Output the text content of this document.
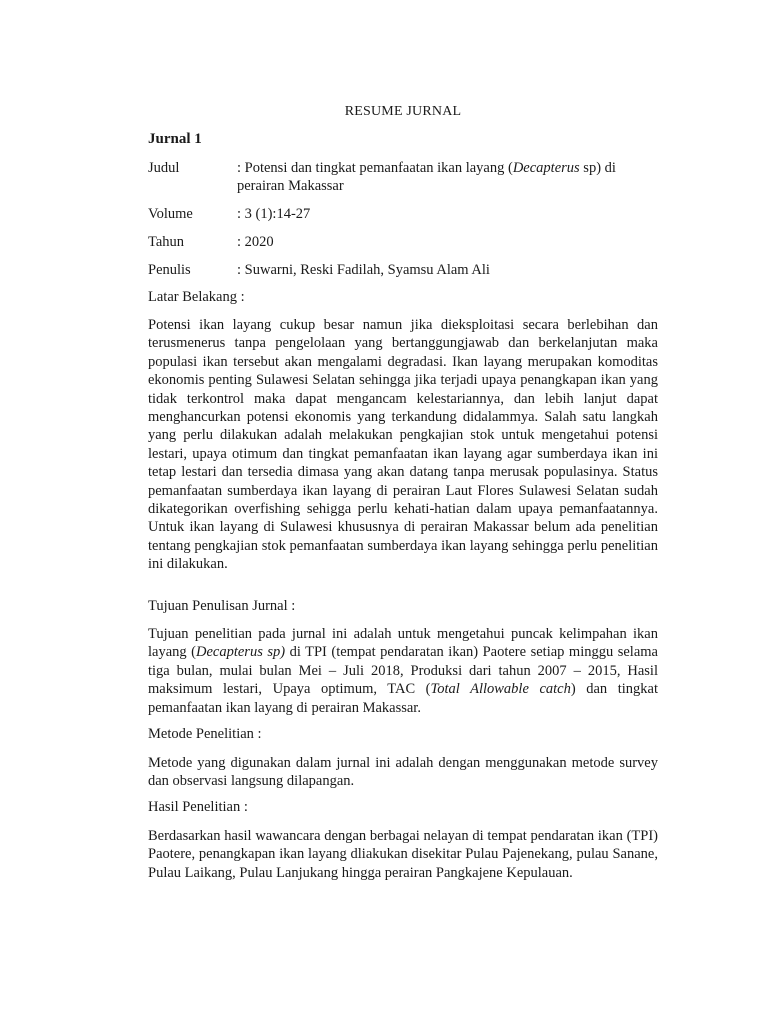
RESUME JURNAL
Jurnal 1
Judul	: Potensi dan tingkat pemanfaatan ikan layang (Decapterus sp) di perairan Makassar
Volume	: 3 (1):14-27
Tahun	: 2020
Penulis	: Suwarni, Reski Fadilah, Syamsu Alam Ali
Latar Belakang :
Potensi ikan layang cukup besar namun jika dieksploitasi secara berlebihan dan terusmenerus tanpa pengelolaan yang bertanggungjawab dan berkelanjutan maka populasi ikan tersebut akan mengalami degradasi. Ikan layang merupakan komoditas ekonomis penting Sulawesi Selatan sehingga jika terjadi upaya penangkapan ikan yang tidak terkontrol maka dapat mengancam kelestariannya, dan lebih lanjut dapat menghancurkan potensi ekonomis yang terkandung didalammya. Salah satu langkah yang perlu dilakukan adalah melakukan pengkajian stok untuk mengetahui potensi lestari, upaya otimum dan tingkat pemanfaatan ikan layang agar sumberdaya ikan ini tetap lestari dan tersedia dimasa yang akan datang tanpa merusak populasinya. Status pemanfaatan sumberdaya ikan layang di perairan Laut Flores Sulawesi Selatan sudah dikategorikan overfishing sehigga perlu kehati-hatian dalam upaya pemanfaatannya. Untuk ikan layang di Sulawesi khususnya di perairan Makassar belum ada penelitian tentang pengkajian stok pemanfaatan sumberdaya ikan layang sehingga perlu penelitian ini dilakukan.
Tujuan Penulisan Jurnal :
Tujuan penelitian pada jurnal ini adalah untuk mengetahui puncak kelimpahan ikan layang (Decapterus sp) di TPI (tempat pendaratan ikan) Paotere setiap minggu selama tiga bulan, mulai bulan Mei – Juli 2018, Produksi dari tahun 2007 – 2015, Hasil maksimum lestari, Upaya optimum, TAC (Total Allowable catch) dan tingkat pemanfaatan ikan layang di perairan Makassar.
Metode Penelitian :
Metode yang digunakan dalam jurnal ini adalah dengan menggunakan metode survey dan observasi langsung dilapangan.
Hasil Penelitian :
Berdasarkan hasil wawancara dengan berbagai nelayan di tempat pendaratan ikan (TPI) Paotere, penangkapan ikan layang dliakukan disekitar Pulau Pajenekang, pulau Sanane, Pulau Laikang, Pulau Lanjukang hingga perairan Pangkajene Kepulauan.
